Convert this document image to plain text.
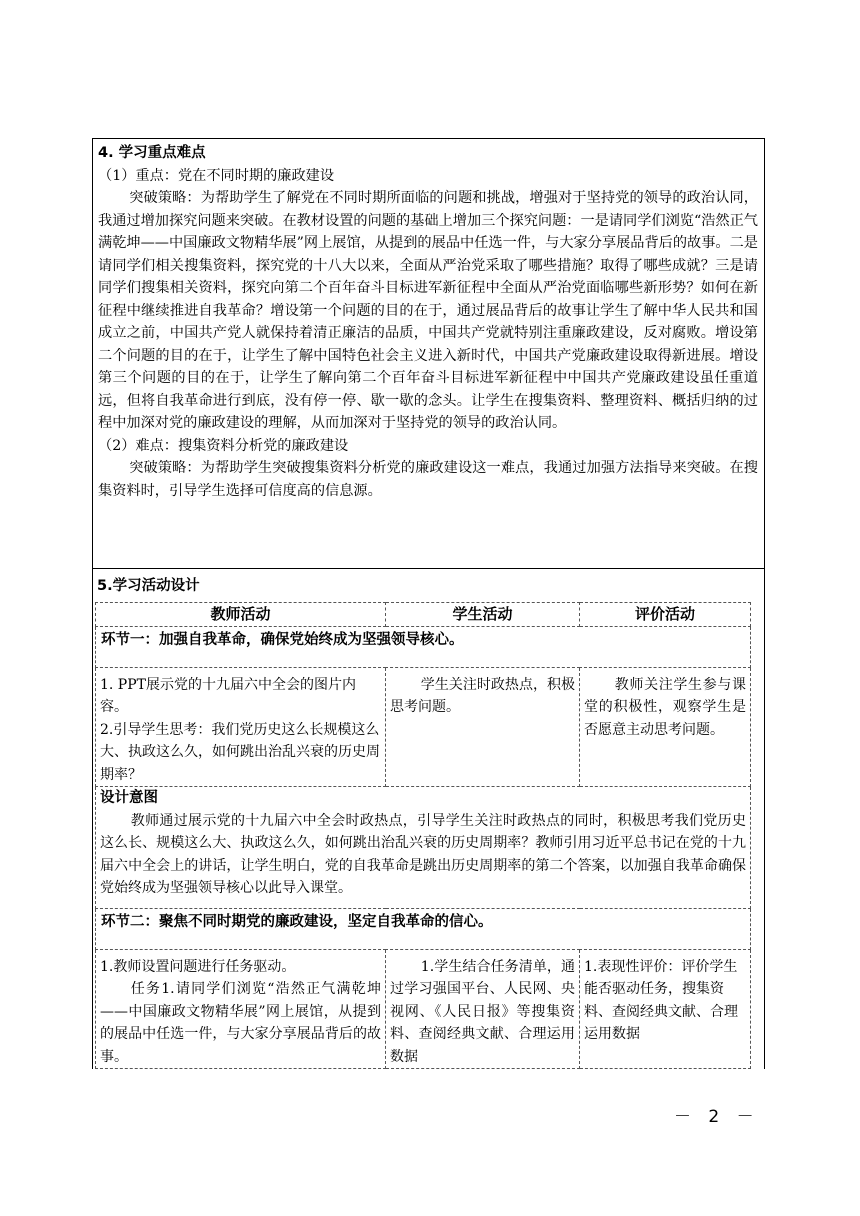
4. 学习重点难点

（1）重点：党在不同时期的廉政建设

突破策略：为帮助学生了解党在不同时期所面临的问题和挑战，增强对于坚持党的领导的政治认同，我通过增加探究问题来突破。在教材设置的问题的基础上增加三个探究问题：一是请同学们浏览“浩然正气满乾坤——中国廉政文物精华展”网上展馆，从提到的展品中任选一件，与大家分享展品背后的故事。二是请同学们相关搜集资料，探究党的十八大以来，全面从严治党采取了哪些措施？取得了哪些成就？三是请同学们搜集相关资料，探究向第二个百年奋斗目标进军新征程中全面从严治党面临哪些新形势？如何在新征程中继续推进自我革命？增设第一个问题的目的在于，通过展品背后的故事让学生了解中华人民共和国成立之前，中国共产党人就保持着清正廉洁的品质，中国共产党就特别注重廉政建设，反对腐败。增设第二个问题的目的在于，让学生了解中国特色社会主义进入新时代，中国共产党廉政建设取得新进展。增设第三个问题的目的在于，让学生了解向第二个百年奋斗目标进军新征程中中国共产党廉政建设虽任重道远，但将自我革命进行到底，没有停一停、歇一歇的念头。让学生在搜集资料、整理资料、概括归纳的过程中加深对党的廉政建设的理解，从而加深对于坚持党的领导的政治认同。

（2）难点：搜集资料分析党的廉政建设

突破策略：为帮助学生突破搜集资料分析党的廉政建设这一难点，我通过加强方法指导来突破。在搜集资料时，引导学生选择可信度高的信息源。

5.学习活动设计
教师活动	学生活动	评价活动
环节一：加强自我革命，确保党始终成为坚强领导核心。		

1. PPT展示党的十九届六中全会的图片内容。
2.引导学生思考：我们党历史这么长规模这么大、执政这么久，如何跳出治乱兴衰的历史周期率？	学生关注时政热点，积极思考问题。	教师关注学生参与课堂的积极性，观察学生是否愿意主动思考问题。

设计意图
教师通过展示党的十九届六中全会时政热点，引导学生关注时政热点的同时，积极思考我们党历史这么长、规模这么大、执政这么久，如何跳出治乱兴衰的历史周期率？教师引用习近平总书记在党的十九届六中全会上的讲话，让学生明白，党的自我革命是跳出历史周期率的第二个答案，以加强自我革命确保党始终成为坚强领导核心以此导入课堂。		

环节二：聚焦不同时期党的廉政建设，坚定自我革命的信心。		

1.教师设置问题进行任务驱动。
任务1.请同学们浏览“浩然正气满乾坤——中国廉政文物精华展”网上展馆，从提到的展品中任选一件，与大家分享展品背后的故事。	1.学生结合任务清单，通过学习强国平台、人民网、央视网、《人民日报》等搜集资料、查阅经典文献、合理运用数据	1.表现性评价：评价学生能否驱动任务，搜集资料、查阅经典文献、合理运用数据
－ 2 －
